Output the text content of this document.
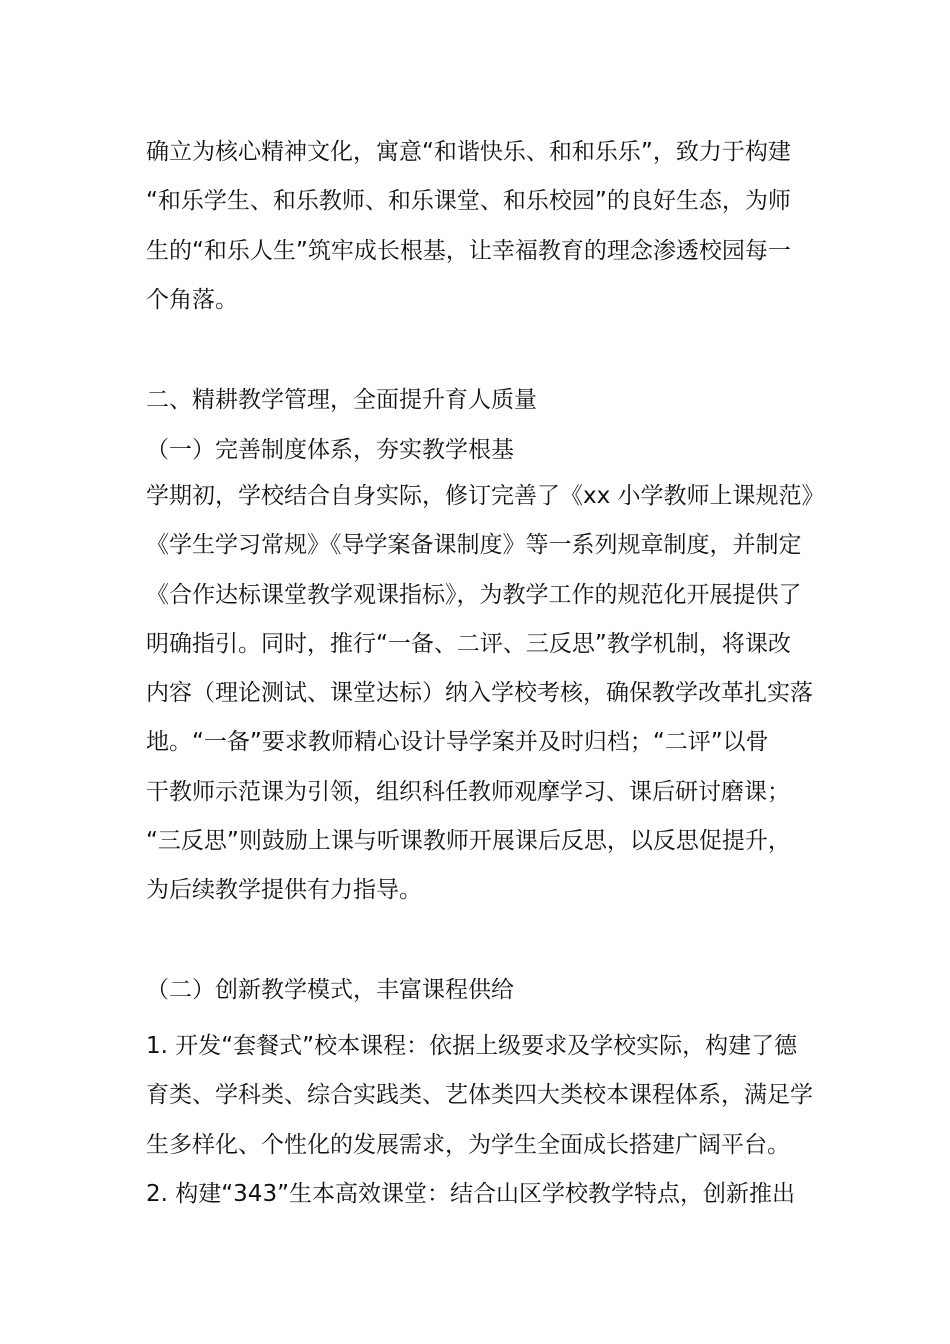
确立为核心精神文化，寓意“和谐快乐、和和乐乐”，致力于构建
“和乐学生、和乐教师、和乐课堂、和乐校园”的良好生态，为师
生的“和乐人生”筑牢成长根基，让幸福教育的理念渗透校园每一
个角落。

二、精耕教学管理，全面提升育人质量
（一）完善制度体系，夯实教学根基

学期初，学校结合自身实际，修订完善了《xx 小学教师上课规范》
《学生学习常规》《导学案备课制度》等一系列规章制度，并制定
《合作达标课堂教学观课指标》，为教学工作的规范化开展提供了
明确指引。同时，推行“一备、二评、三反思”教学机制，将课改
内容（理论测试、课堂达标）纳入学校考核，确保教学改革扎实落
地。“一备”要求教师精心设计导学案并及时归档；“二评”以骨
干教师示范课为引领，组织科任教师观摩学习、课后研讨磨课；
“三反思”则鼓励上课与听课教师开展课后反思，以反思促提升，
为后续教学提供有力指导。

（二）创新教学模式，丰富课程供给

1. 开发“套餐式”校本课程：依据上级要求及学校实际，构建了德
育类、学科类、综合实践类、艺体类四大类校本课程体系，满足学
生多样化、个性化的发展需求，为学生全面成长搭建广阔平台。
2. 构建“343”生本高效课堂：结合山区学校教学特点，创新推出
